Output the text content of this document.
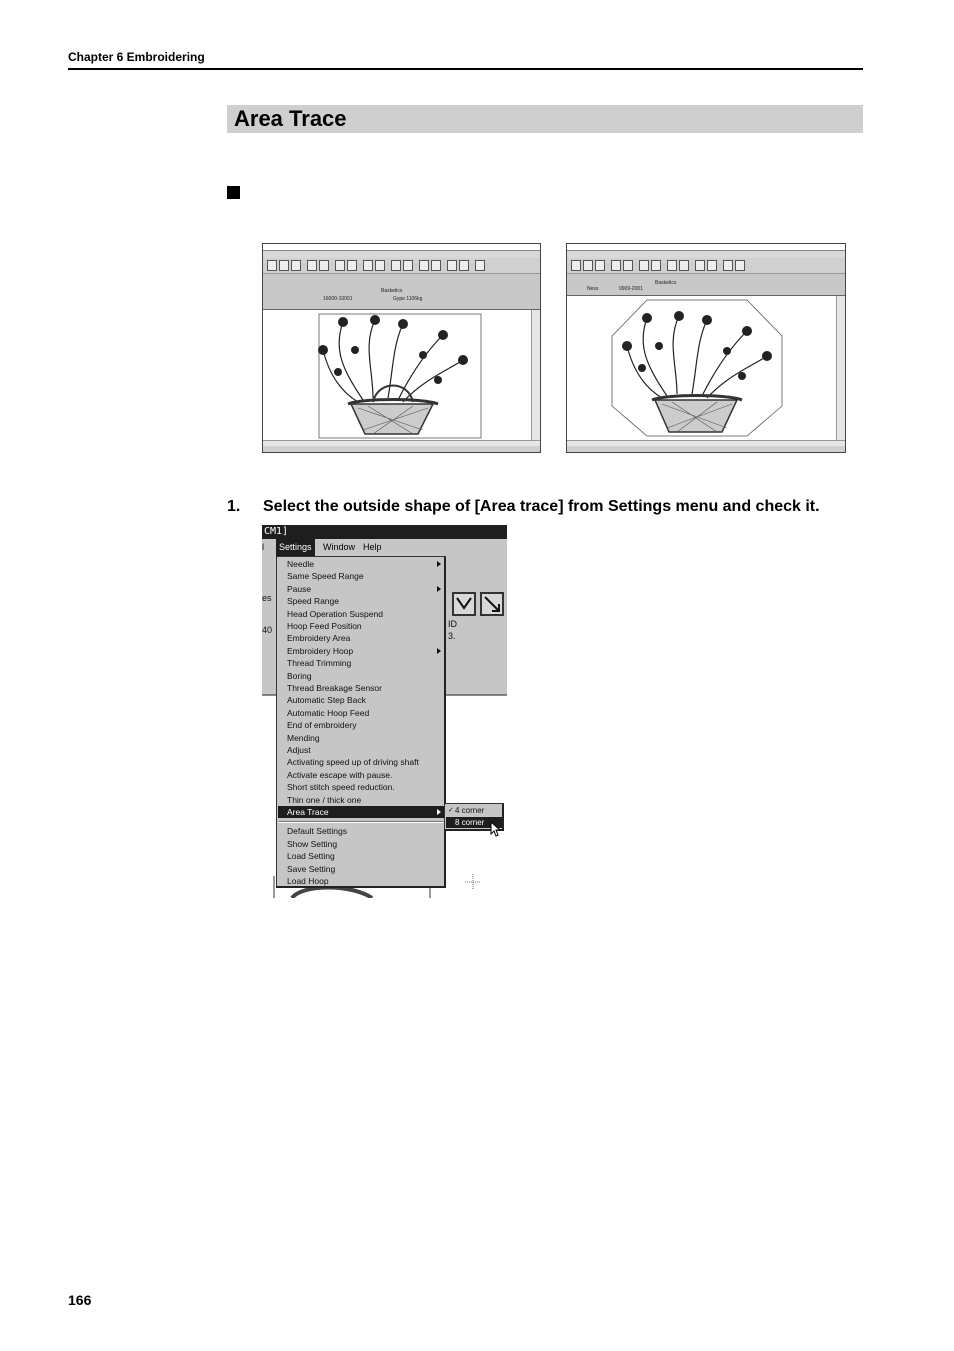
Chapter 6 Embroidering
Area Trace
Basketics
16000-10001	Gype 1106kg
Basketics
Ness	9909-2001
1. Select the outside shape of [Area trace] from Settings menu and check it.
CM1]
l	Settings	Window Help
es
40
ID
3.
Needle
Same Speed Range
Pause
Speed Range
Head Operation Suspend
Hoop Feed Position
Embroidery Area
Embroidery Hoop
Thread Trimming
Boring
Thread Breakage Sensor
Automatic Step Back
Automatic Hoop Feed
End of embroidery
Mending
Adjust
Activating speed up of driving shaft
Activate escape with pause.
Short stitch speed reduction.
Thin one / thick one
Area Trace
Default Settings
Show Setting
Load Setting
Save Setting
Load Hoop
✓ 4 corner
8 corner
166
